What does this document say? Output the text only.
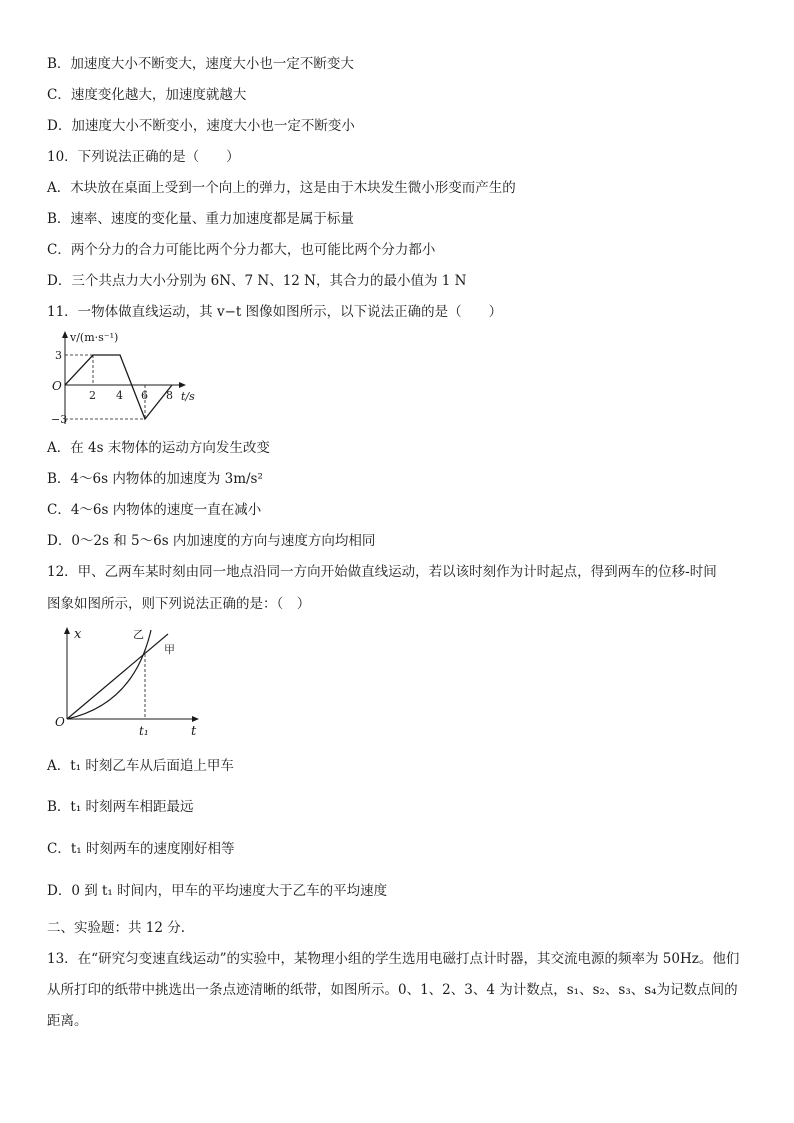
B．加速度大小不断变大，速度大小也一定不断变大
C．速度变化越大，加速度就越大
D．加速度大小不断变小，速度大小也一定不断变小
10．下列说法正确的是（　　）
A．木块放在桌面上受到一个向上的弹力，这是由于木块发生微小形变而产生的
B．速率、速度的变化量、重力加速度都是属于标量
C．两个分力的合力可能比两个分力都大，也可能比两个分力都小
D．三个共点力大小分别为 6N、7 N、12 N，其合力的最小值为 1 N
11．一物体做直线运动，其 v−t 图像如图所示，以下说法正确的是（　　）
v/(m·s⁻¹)
O
3
−3
2 4 6 8 t/s
A．在 4s 末物体的运动方向发生改变
B．4～6s 内物体的加速度为 3m/s²
C．4～6s 内物体的速度一直在减小
D．0～2s 和 5～6s 内加速度的方向与速度方向均相同
12．甲、乙两车某时刻由同一地点沿同一方向开始做直线运动，若以该时刻作为计时起点，得到两车的位移-时间
图象如图所示，则下列说法正确的是：（　）
x
O
t₁	t
乙
甲
A．t₁ 时刻乙车从后面追上甲车
B．t₁ 时刻两车相距最远
C．t₁ 时刻两车的速度刚好相等
D．0 到 t₁ 时间内，甲车的平均速度大于乙车的平均速度
二、实验题：共 12 分.
13．在“研究匀变速直线运动”的实验中，某物理小组的学生选用电磁打点计时器，其交流电源的频率为 50Hz。他们从所打印的纸带中挑选出一条点迹清晰的纸带，如图所示。0、1、2、3、4 为计数点，s₁、s₂、s₃、s₄为记数点间的距离。
